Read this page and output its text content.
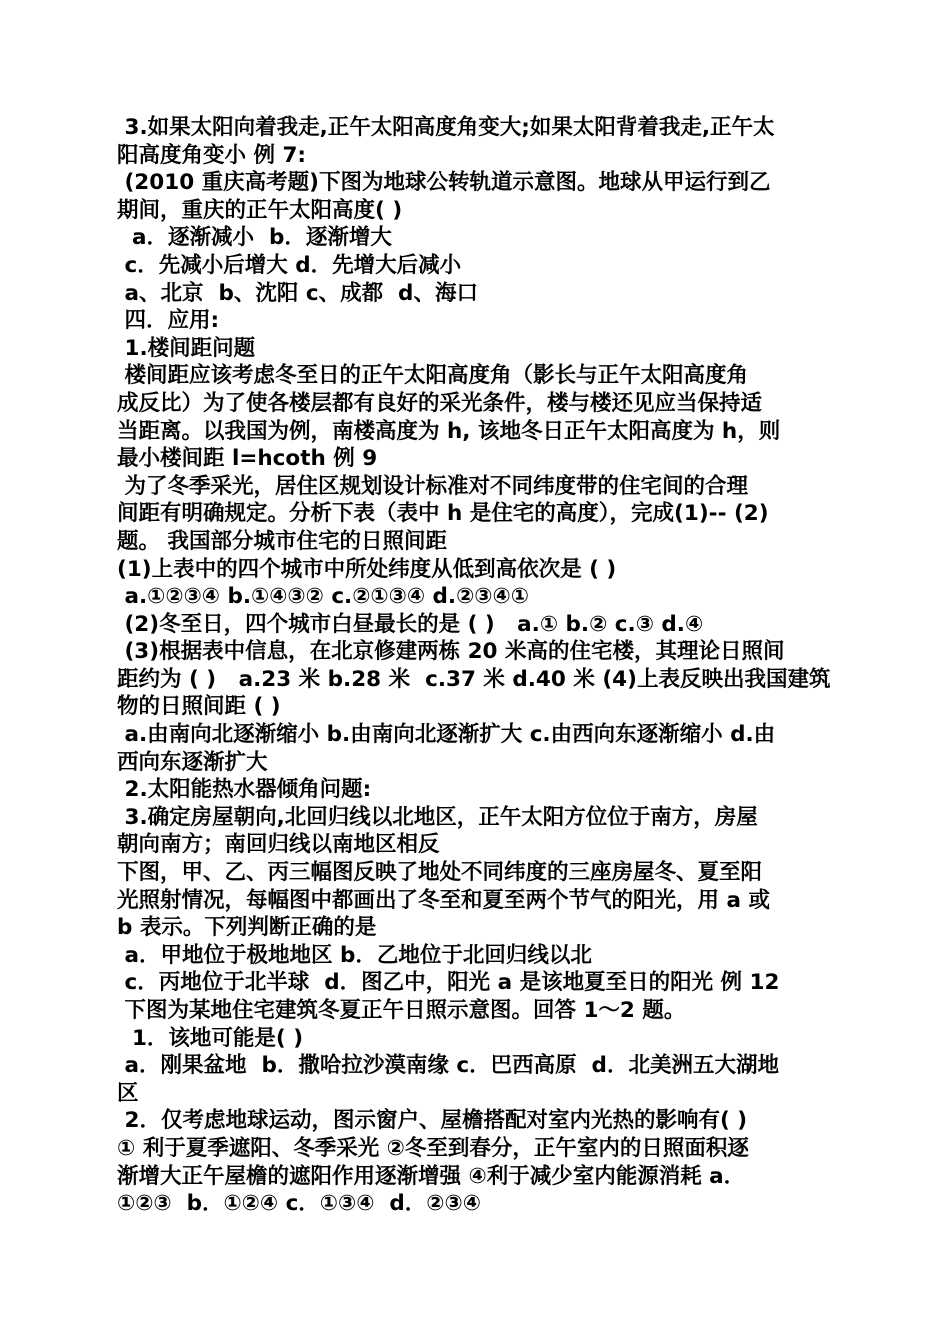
3.如果太阳向着我走,正午太阳高度角变大;如果太阳背着我走,正午太
阳高度角变小 例 7:
(2010 重庆高考题)下图为地球公转轨道示意图。地球从甲运行到乙
期间，重庆的正午太阳高度( )
a．逐渐减小  b．逐渐增大
c．先减小后增大 d．先增大后减小
a、北京  b、沈阳 c、成都  d、海口
四．应用:
1.楼间距问题
楼间距应该考虑冬至日的正午太阳高度角（影长与正午太阳高度角
成反比）为了使各楼层都有良好的采光条件，楼与楼还见应当保持适
当距离。以我国为例，南楼高度为 h, 该地冬日正午太阳高度为 h，则
最小楼间距 l=hcoth 例 9
为了冬季采光，居住区规划设计标准对不同纬度带的住宅间的合理
间距有明确规定。分析下表（表中 h 是住宅的高度），完成(1)-- (2)
题。 我国部分城市住宅的日照间距
(1)上表中的四个城市中所处纬度从低到高依次是 ( )
a.①②③④ b.①④③② c.②①③④ d.②③④①
(2)冬至日，四个城市白昼最长的是 ( )   a.① b.② c.③ d.④
(3)根据表中信息，在北京修建两栋 20 米高的住宅楼，其理论日照间
距约为 ( )   a.23 米 b.28 米  c.37 米 d.40 米 (4)上表反映出我国建筑
物的日照间距 ( )
a.由南向北逐渐缩小 b.由南向北逐渐扩大 c.由西向东逐渐缩小 d.由
西向东逐渐扩大
2.太阳能热水器倾角问题:
3.确定房屋朝向,北回归线以北地区，正午太阳方位位于南方，房屋
朝向南方；南回归线以南地区相反
下图，甲、乙、丙三幅图反映了地处不同纬度的三座房屋冬、夏至阳
光照射情况，每幅图中都画出了冬至和夏至两个节气的阳光，用 a 或
b 表示。下列判断正确的是
a．甲地位于极地地区 b．乙地位于北回归线以北
c．丙地位于北半球  d．图乙中，阳光 a 是该地夏至日的阳光 例 12
下图为某地住宅建筑冬夏正午日照示意图。回答 1～2 题。
1．该地可能是( )
a．刚果盆地  b．撒哈拉沙漠南缘 c．巴西高原  d．北美洲五大湖地
区
2．仅考虑地球运动，图示窗户、屋檐搭配对室内光热的影响有( )
① 利于夏季遮阳、冬季采光 ②冬至到春分，正午室内的日照面积逐
渐增大正午屋檐的遮阳作用逐渐增强 ④利于减少室内能源消耗 a．
①②③  b．①②④ c．①③④  d．②③④
